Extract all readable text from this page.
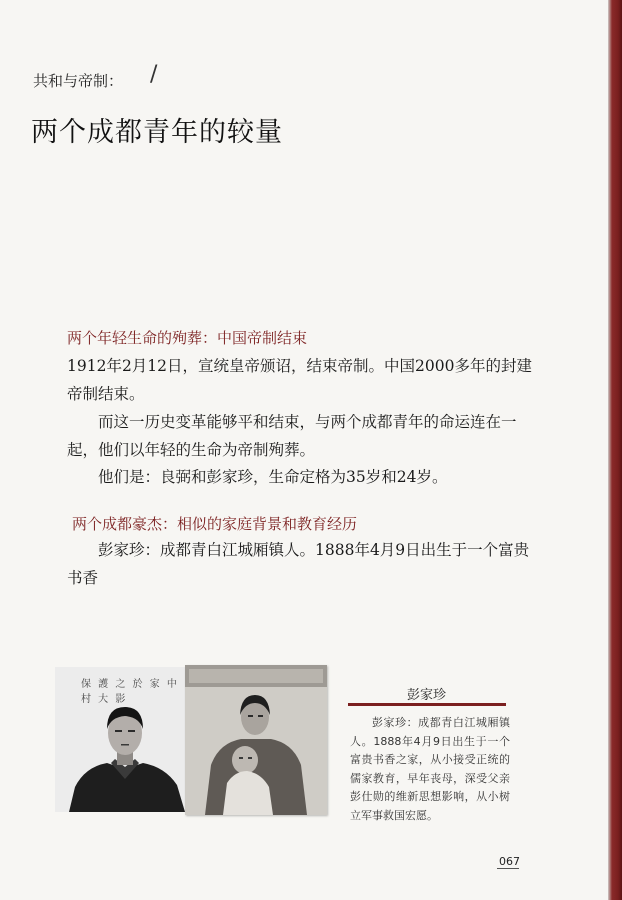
共和与帝制： /
两个成都青年的较量
两个年轻生命的殉葬：中国帝制结束
1912年2月12日，宣统皇帝颁诏，结束帝制。中国2000多年的封建帝制结束。
而这一历史变革能够平和结束，与两个成都青年的命运连在一起，他们以年轻的生命为帝制殉葬。
他们是：良弼和彭家珍，生命定格为35岁和24岁。
两个成都豪杰：相似的家庭背景和教育经历
彭家珍：成都青白江城厢镇人。1888年4月9日出生于一个富贵书香
保 護 之 於 家 中 村 大 影	彭家珍
彭家珍：成都青白江城厢镇人。1888年4月9日出生于一个富贵书香之家，从小接受正统的儒家教育，早年丧母，深受父亲彭仕勋的维新思想影响，从小树立军事救国宏愿。
067
